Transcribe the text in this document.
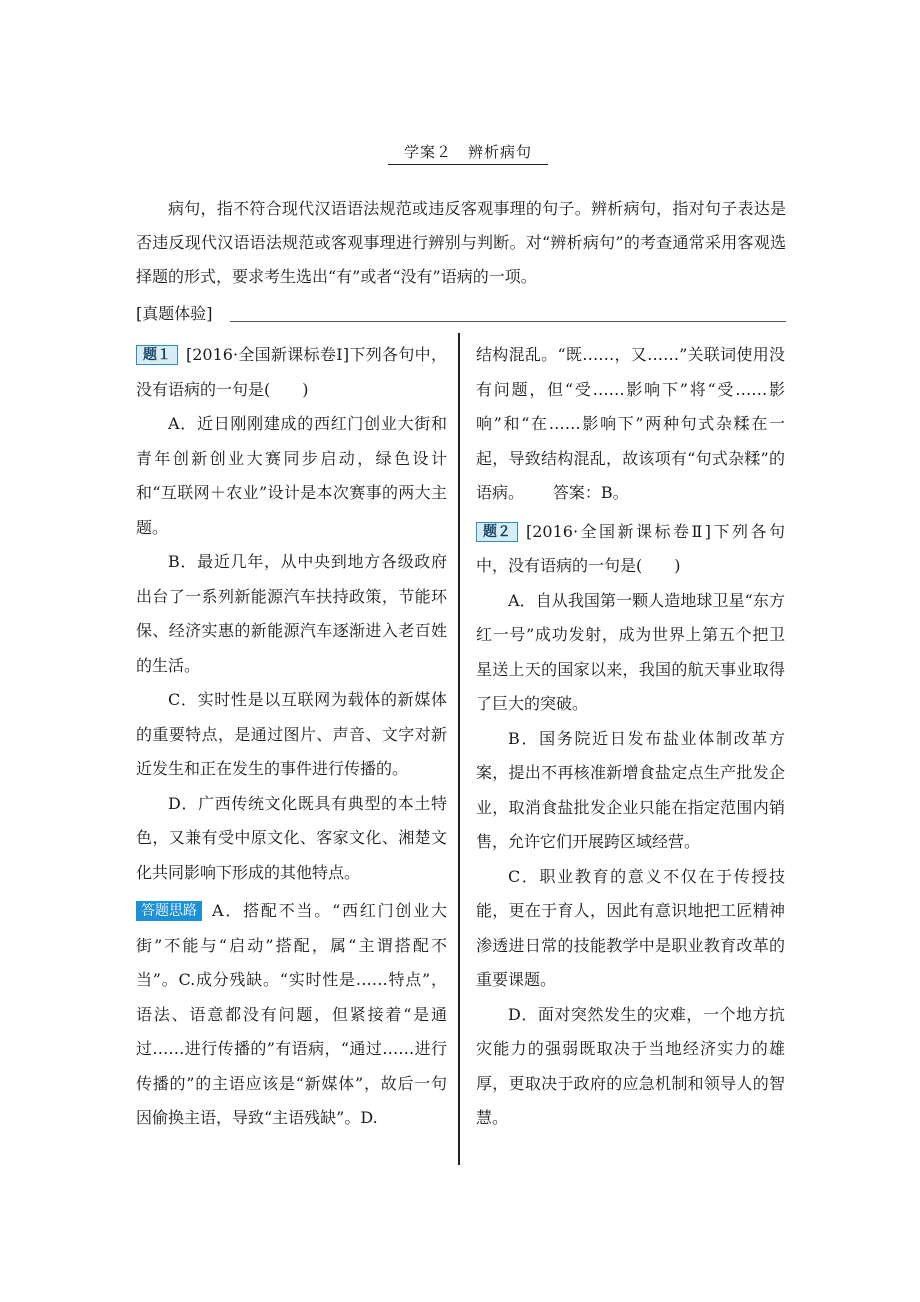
学案２　辨析病句

病句，指不符合现代汉语语法规范或违反客观事理的句子。辨析病句，指对句子表达是否违反现代汉语语法规范或客观事理进行辨别与判断。对“辨析病句”的考查通常采用客观选择题的形式，要求考生选出“有”或者“没有”语病的一项。

[真题体验]

题１ [2016·全国新课标卷Ⅰ]下列各句中，没有语病的一句是(　　)

A．近日刚刚建成的西红门创业大街和青年创新创业大赛同步启动，绿色设计和“互联网＋农业”设计是本次赛事的两大主题。

B．最近几年，从中央到地方各级政府出台了一系列新能源汽车扶持政策，节能环保、经济实惠的新能源汽车逐渐进入老百姓的生活。

C．实时性是以互联网为载体的新媒体的重要特点，是通过图片、声音、文字对新近发生和正在发生的事件进行传播的。

D．广西传统文化既具有典型的本土特色，又兼有受中原文化、客家文化、湘楚文化共同影响下形成的其他特点。

答题思路 A．搭配不当。“西红门创业大街”不能与“启动”搭配，属“主谓搭配不当”。C.成分残缺。“实时性是……特点”，语法、语意都没有问题，但紧接着“是通过……进行传播的”有语病，“通过……进行传播的”的主语应该是“新媒体”，故后一句因偷换主语，导致“主语残缺”。D.

结构混乱。“既……，又……”关联词使用没有问题，但“受……影响下”将“受……影响”和“在……影响下”两种句式杂糅在一起，导致结构混乱，故该项有“句式杂糅”的语病。 答案：B。

题２ [2016·全国新课标卷Ⅱ]下列各句中，没有语病的一句是(　　)

A．自从我国第一颗人造地球卫星“东方红一号”成功发射，成为世界上第五个把卫星送上天的国家以来，我国的航天事业取得了巨大的突破。

B．国务院近日发布盐业体制改革方案，提出不再核准新增食盐定点生产批发企业，取消食盐批发企业只能在指定范围内销售，允许它们开展跨区域经营。

C．职业教育的意义不仅在于传授技能，更在于育人，因此有意识地把工匠精神渗透进日常的技能教学中是职业教育改革的重要课题。

D．面对突然发生的灾难，一个地方抗灾能力的强弱既取决于当地经济实力的雄厚，更取决于政府的应急机制和领导人的智慧。
